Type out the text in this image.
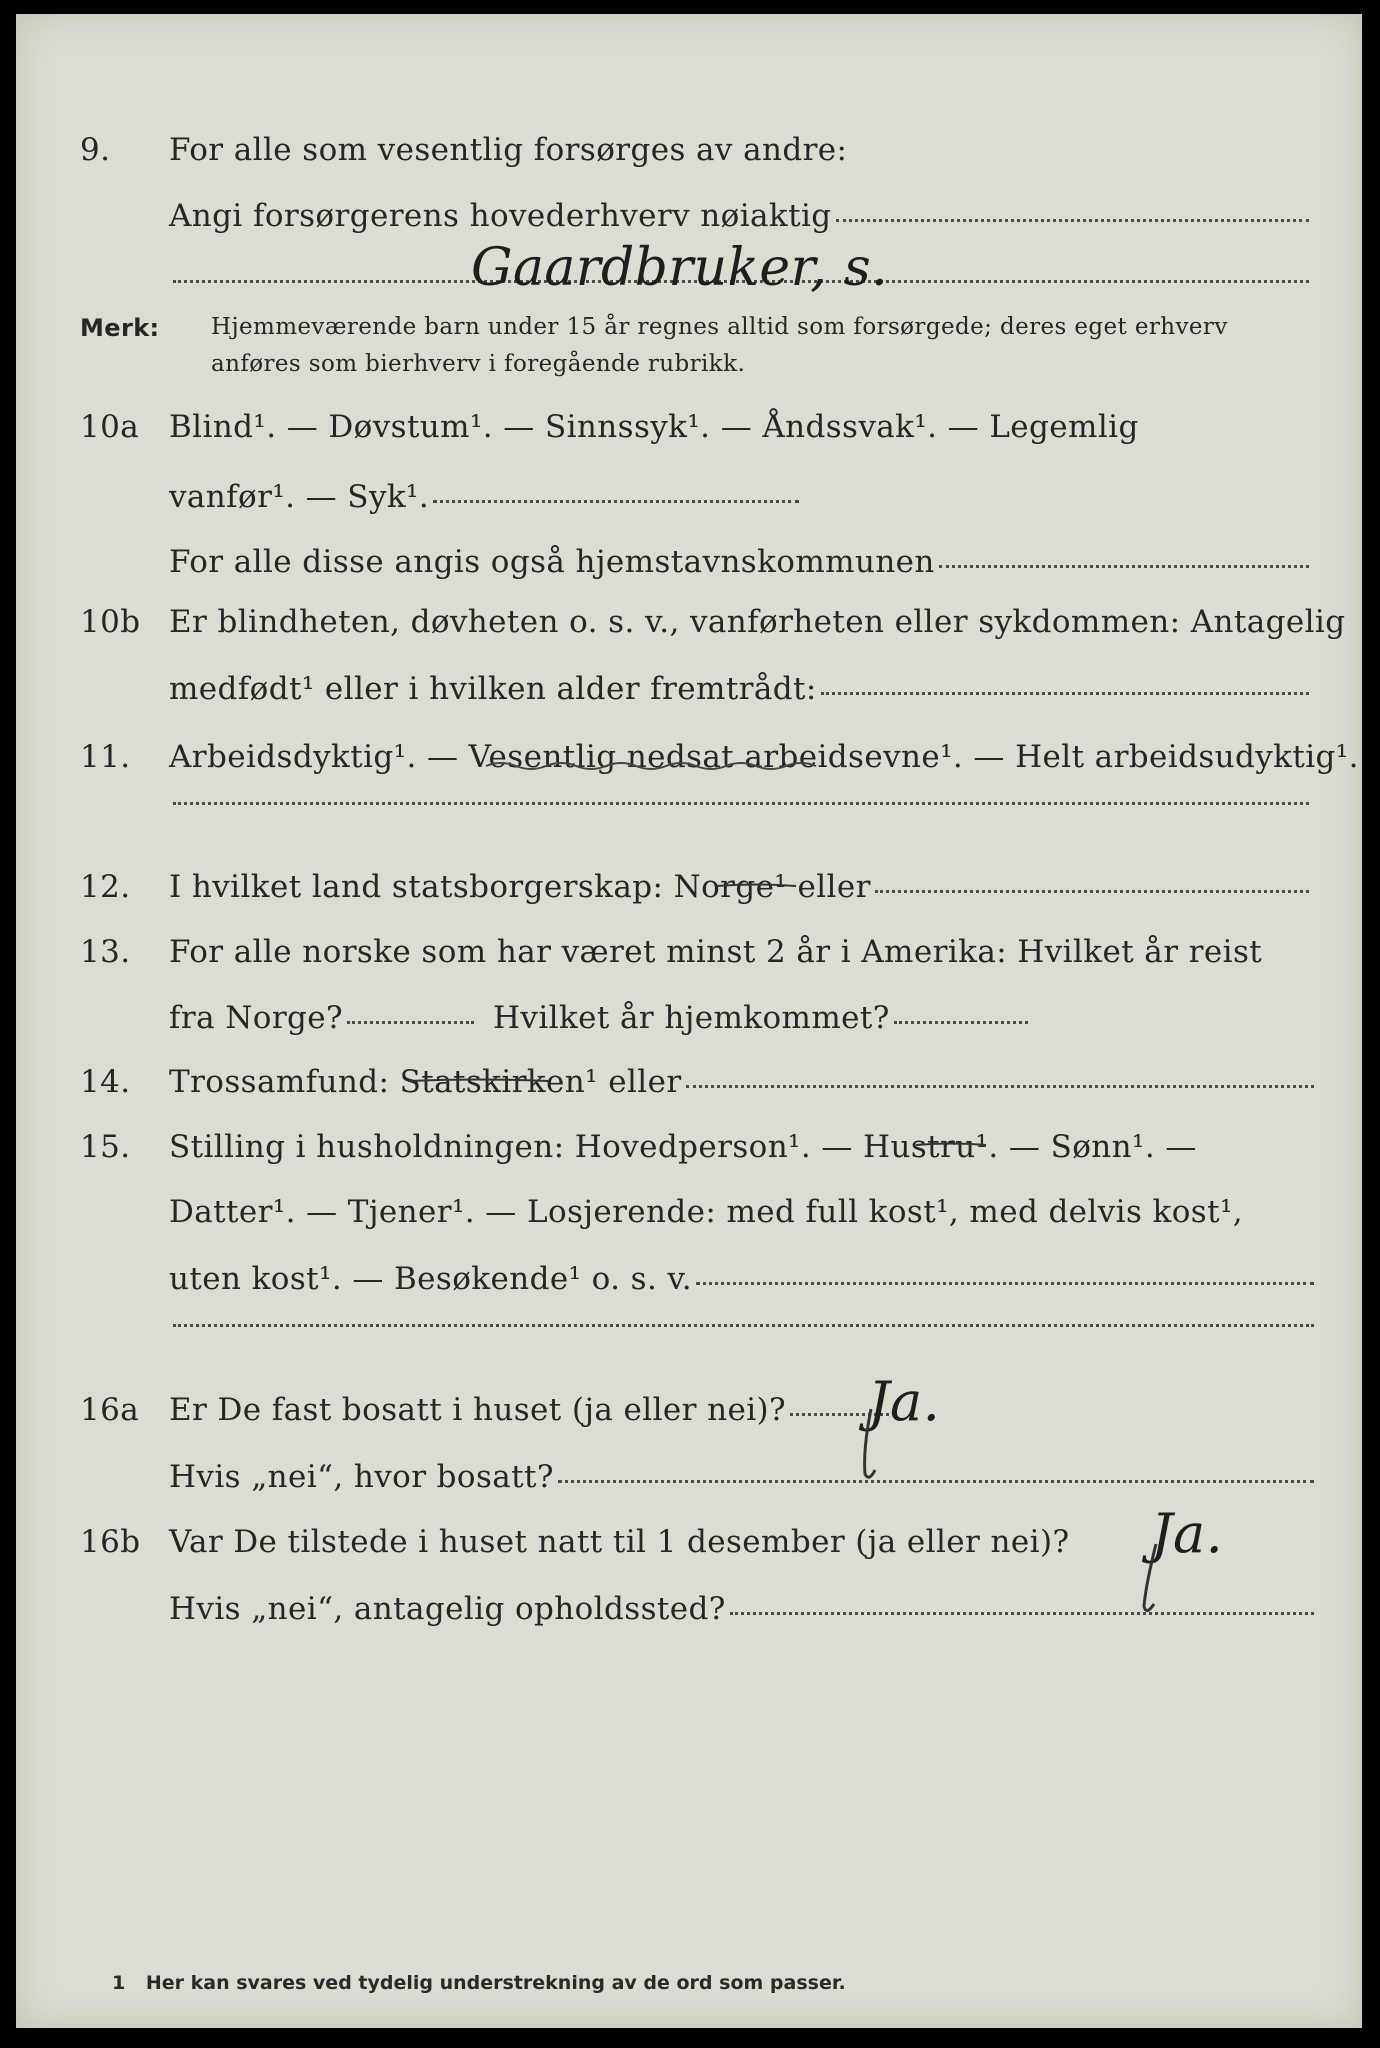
9. For alle som vesentlig forsørges av andre:
Angi forsørgerens hovederhverv nøiaktig
Gaardbruker, s.
Merk: Hjemmeværende barn under 15 år regnes alltid som forsørgede; deres eget erhverv
anføres som bierhverv i foregående rubrikk.
10a Blind¹. — Døvstum¹. — Sinnssyk¹. — Åndssvak¹. — Legemlig
vanfør¹. — Syk¹.
For alle disse angis også hjemstavnskommunen
10b Er blindheten, døvheten o. s. v., vanførheten eller sykdommen: Antagelig
medfødt¹ eller i hvilken alder fremtrådt:
11. Arbeidsdyktig¹. — Vesentlig nedsat arbeidsevne¹. — Helt arbeidsudyktig¹.
12. I hvilket land statsborgerskap: Norge¹ eller
13. For alle norske som har været minst 2 år i Amerika: Hvilket år reist
fra Norge?	Hvilket år hjemkommet?
14. Trossamfund: Statskirken¹ eller
15. Stilling i husholdningen: Hovedperson¹. — Hustru¹. — Sønn¹. —
Datter¹. — Tjener¹. — Losjerende: med full kost¹, med delvis kost¹,
uten kost¹. — Besøkende¹ o. s. v.
16a Er De fast bosatt i huset (ja eller nei)? Ja.
Hvis „nei“, hvor bosatt?
16b Var De tilstede i huset natt til 1 desember (ja eller nei)? Ja.
Hvis „nei“, antagelig opholdssted?
1 Her kan svares ved tydelig understrekning av de ord som passer.
